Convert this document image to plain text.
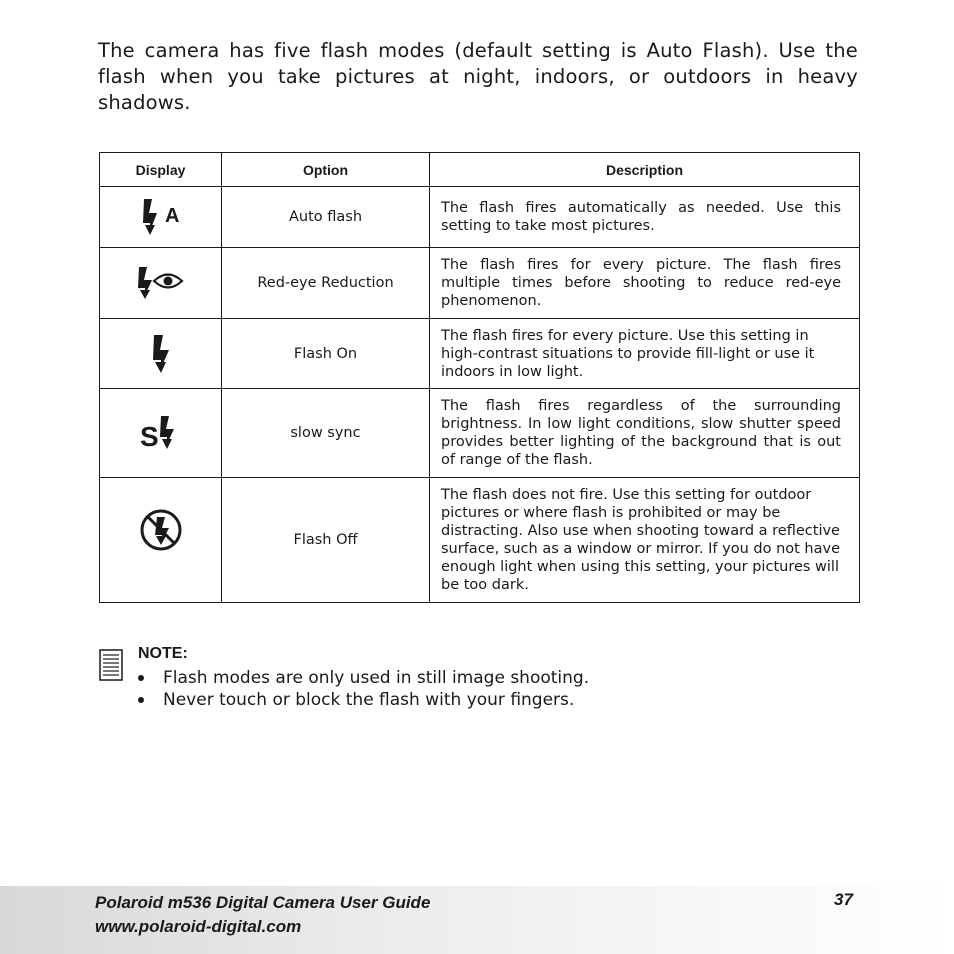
The camera has five flash modes (default setting is Auto Flash). Use the flash when you take pictures at night, indoors, or outdoors in heavy shadows.

Display	Option	Description

A	Auto flash	The flash fires automatically as needed. Use this setting to take most pictures.
	Red-eye Reduction	The flash fires for every picture. The flash fires multiple times before shooting to reduce red-eye phenomenon.
	Flash On	The flash fires for every picture. Use this setting in high-contrast situations to provide fill-light or use it indoors in low light.

S	slow sync	The flash fires regardless of the surrounding brightness. In low light conditions, slow shutter speed provides better lighting of the background that is out of range of the flash.
	Flash Off	The flash does not fire. Use this setting for outdoor pictures or where flash is prohibited or may be distracting. Also use when shooting toward a reflective surface, such as a window or mirror. If you do not have enough light when using this setting, your pictures will be too dark.
NOTE:
Flash modes are only used in still image shooting.
Never touch or block the flash with your fingers.
Polaroid m536 Digital Camera User Guide
www.polaroid-digital.com
37
